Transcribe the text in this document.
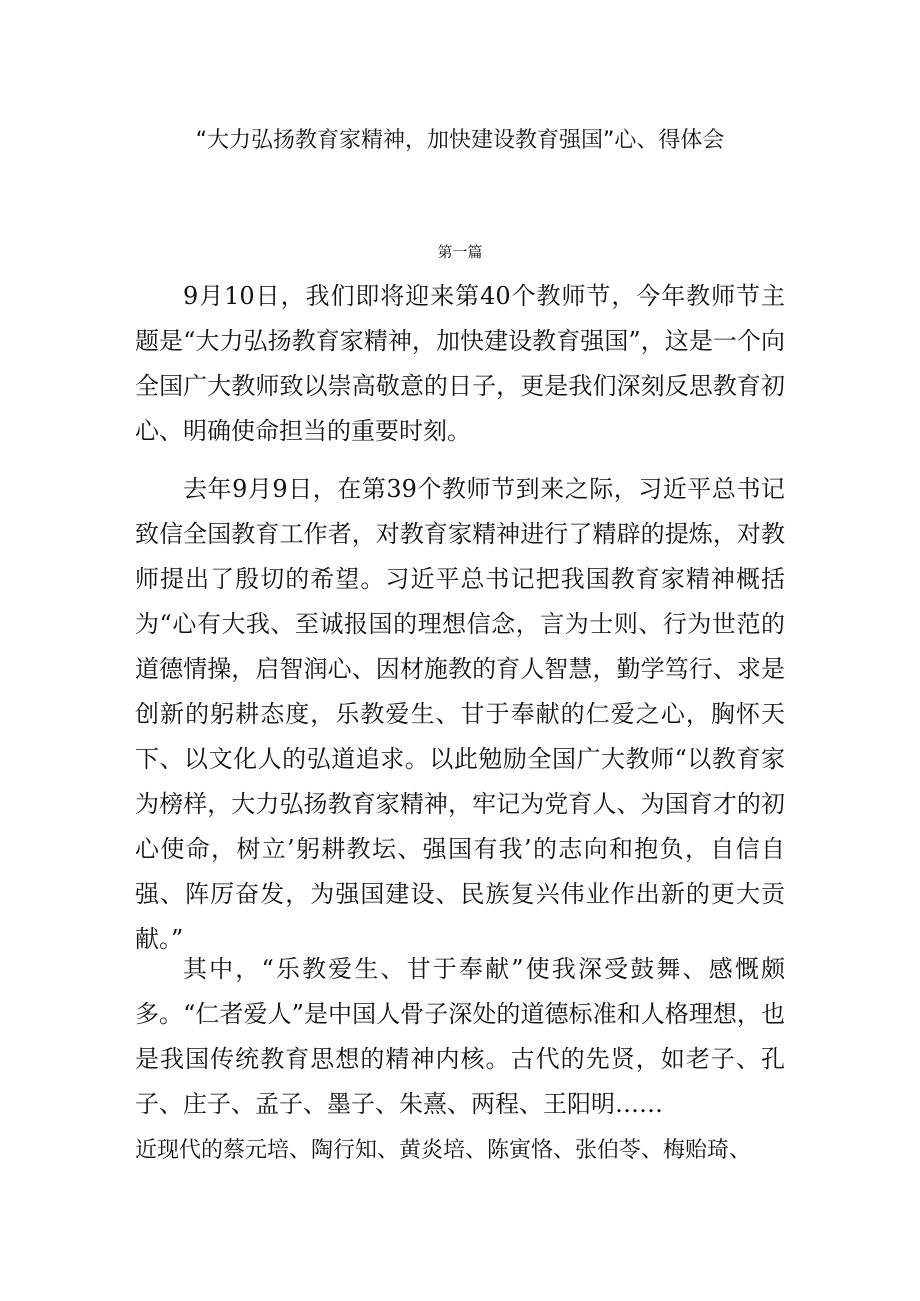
“大力弘扬教育家精神，加快建设教育强国”心、得体会
第一篇

9月10日，我们即将迎来第40个教师节，今年教师节主题是“大力弘扬教育家精神，加快建设教育强国”，这是一个向全国广大教师致以崇高敬意的日子，更是我们深刻反思教育初心、明确使命担当的重要时刻。

去年9月9日，在第39个教师节到来之际，习近平总书记致信全国教育工作者，对教育家精神进行了精辟的提炼，对教师提出了殷切的希望。习近平总书记把我国教育家精神概括为“心有大我、至诚报国的理想信念，言为士则、行为世范的道德情操，启智润心、因材施教的育人智慧，勤学笃行、求是创新的躬耕态度，乐教爱生、甘于奉献的仁爱之心，胸怀天下、以文化人的弘道追求。以此勉励全国广大教师“以教育家为榜样，大力弘扬教育家精神，牢记为党育人、为国育才的初心使命，树立’躬耕教坛、强国有我’的志向和抱负，自信自强、阵厉奋发，为强国建设、民族复兴伟业作出新的更大贡献。”

其中，“乐教爱生、甘于奉献”使我深受鼓舞、感慨颇多。“仁者爱人”是中国人骨子深处的道德标准和人格理想，也是我国传统教育思想的精神内核。古代的先贤，如老子、孔子、庄子、孟子、墨子、朱熹、两程、王阳明……

近现代的蔡元培、陶行知、黄炎培、陈寅恪、张伯苓、梅贻琦、
